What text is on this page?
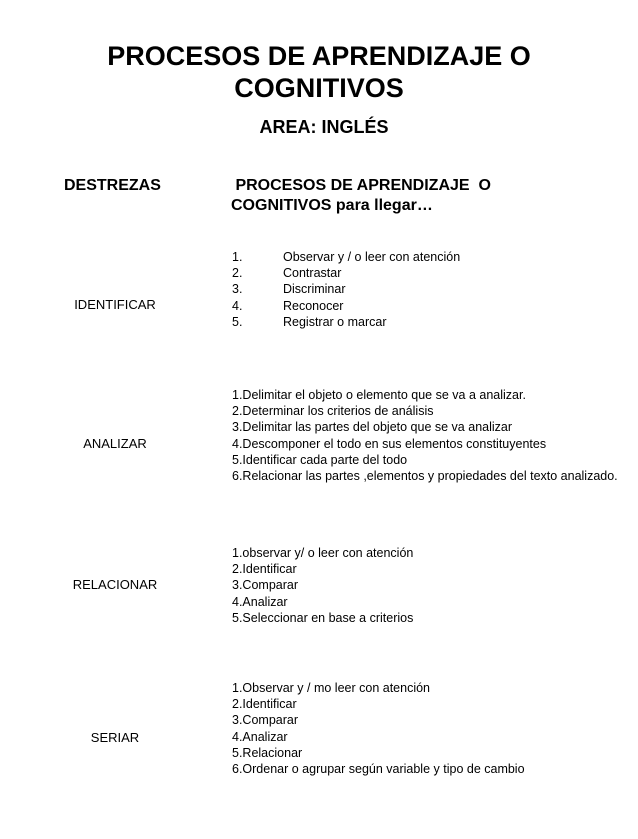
PROCESOS DE APRENDIZAJE O
COGNITIVOS
AREA: INGLÉS
DESTREZAS	PROCESOS DE APRENDIZAJE  O
COGNITIVOS para llegar…
IDENTIFICAR
1.	Observar y / o leer con atención
2.	Contrastar
3.	Discriminar
4.	Reconocer
5.	Registrar o marcar
ANALIZAR
1.Delimitar el objeto o elemento que se va a analizar.
2.Determinar los criterios de análisis
3.Delimitar las partes del objeto que se va analizar
4.Descomponer el todo en sus elementos constituyentes
5.Identificar cada parte del todo
6.Relacionar las partes ,elementos y propiedades del texto analizado.
RELACIONAR
1.observar y/ o leer con atención
2.Identificar
3.Comparar
4.Analizar
5.Seleccionar en base a criterios
SERIAR
1.Observar y / mo leer con atención
2.Identificar
3.Comparar
4.Analizar
5.Relacionar
6.Ordenar o agrupar según variable y tipo de cambio
